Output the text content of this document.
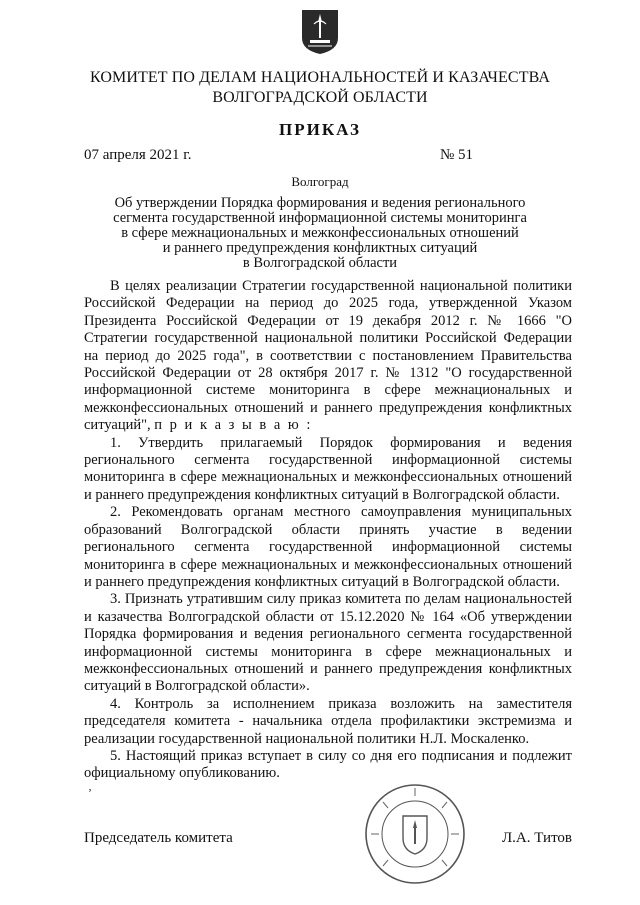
КОМИТЕТ ПО ДЕЛАМ НАЦИОНАЛЬНОСТЕЙ И КАЗАЧЕСТВА
ВОЛГОГРАДСКОЙ ОБЛАСТИ
ПРИКАЗ
07 апреля 2021 г.	№ 51
Волгоград
Об утверждении Порядка формирования и ведения регионального
сегмента государственной информационной системы мониторинга
в сфере межнациональных и межконфессиональных отношений
и раннего предупреждения конфликтных ситуаций
в Волгоградской области

В целях реализации Стратегии государственной национальной политики Российской Федерации на период до 2025 года, утвержденной Указом Президента Российской Федерации от 19 декабря 2012 г. № 1666 "О Стратегии государственной национальной политики Российской Федерации на период до 2025 года", в соответствии с постановлением Правительства Российской Федерации от 28 октября 2017 г. № 1312 "О государственной информационной системе мониторинга в сфере межнациональных и межконфессиональных отношений и раннего предупреждения конфликтных ситуаций", п р и к а з ы в а ю :

1. Утвердить прилагаемый Порядок формирования и ведения регионального сегмента государственной информационной системы мониторинга в сфере межнациональных и межконфессиональных отношений и раннего предупреждения конфликтных ситуаций в Волгоградской области.

2. Рекомендовать органам местного самоуправления муниципальных образований Волгоградской области принять участие в ведении регионального сегмента государственной информационной системы мониторинга в сфере межнациональных и межконфессиональных отношений и раннего предупреждения конфликтных ситуаций в Волгоградской области.

3. Признать утратившим силу приказ комитета по делам национальностей и казачества Волгоградской области от 15.12.2020 № 164 «Об утверждении Порядка формирования и ведения регионального сегмента государственной информационной системы мониторинга в сфере межнациональных и межконфессиональных отношений и раннего предупреждения конфликтных ситуаций в Волгоградской области».

4. Контроль за исполнением приказа возложить на заместителя председателя комитета - начальника отдела профилактики экстремизма и реализации государственной национальной политики Н.Л. Москаленко.

5. Настоящий приказ вступает в силу со дня его подписания и подлежит официальному опубликованию.

ʼ
Председатель комитета	Л.А. Титов
